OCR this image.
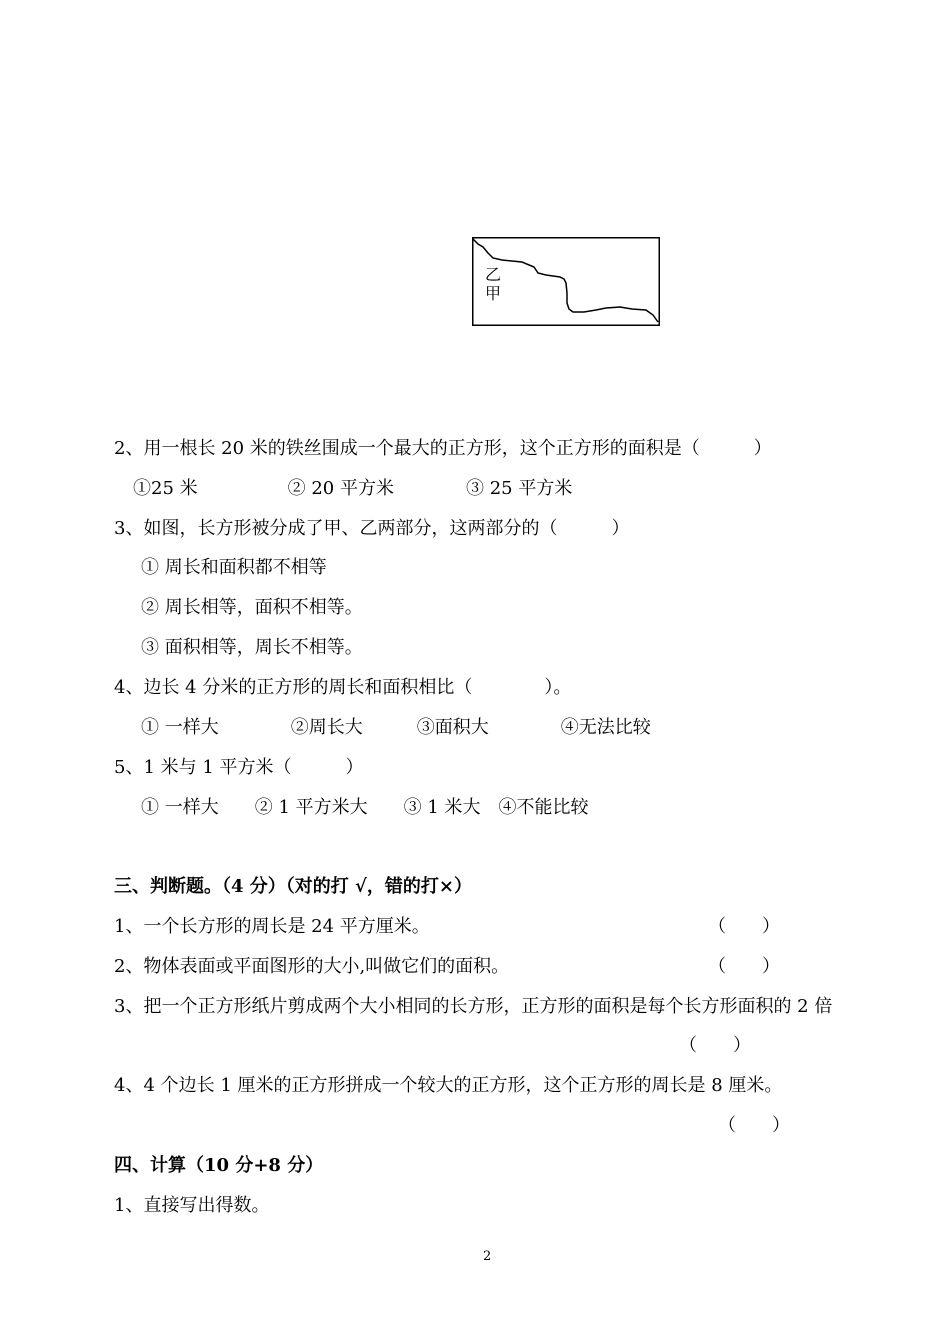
乙
甲
2、用一根长 20 米的铁丝围成一个最大的正方形，这个正方形的面积是（　　　）
①25 米　　　　　② 20 平方米　　　　③ 25 平方米
3、如图，长方形被分成了甲、乙两部分，这两部分的（　　　）
① 周长和面积都不相等
② 周长相等，面积不相等。
③ 面积相等，周长不相等。
4、边长 4 分米的正方形的周长和面积相比（　　　　）。
① 一样大　　　　②周长大　　　③面积大　　　　④无法比较
5、1 米与 1 平方米（　　　）
① 一样大　　② 1 平方米大　　③ 1 米大　④不能比较
三、判断题。（4 分）（对的打 √，错的打×）
1、一个长方形的周长是 24 平方厘米。	（　　）
2、物体表面或平面图形的大小,叫做它们的面积。	（　　）
3、把一个正方形纸片剪成两个大小相同的长方形，正方形的面积是每个长方形面积的 2 倍
（　　）
4、4 个边长 1 厘米的正方形拼成一个较大的正方形，这个正方形的周长是 8 厘米。
（　　）
四、计算（10 分+8 分）
1、直接写出得数。
2
